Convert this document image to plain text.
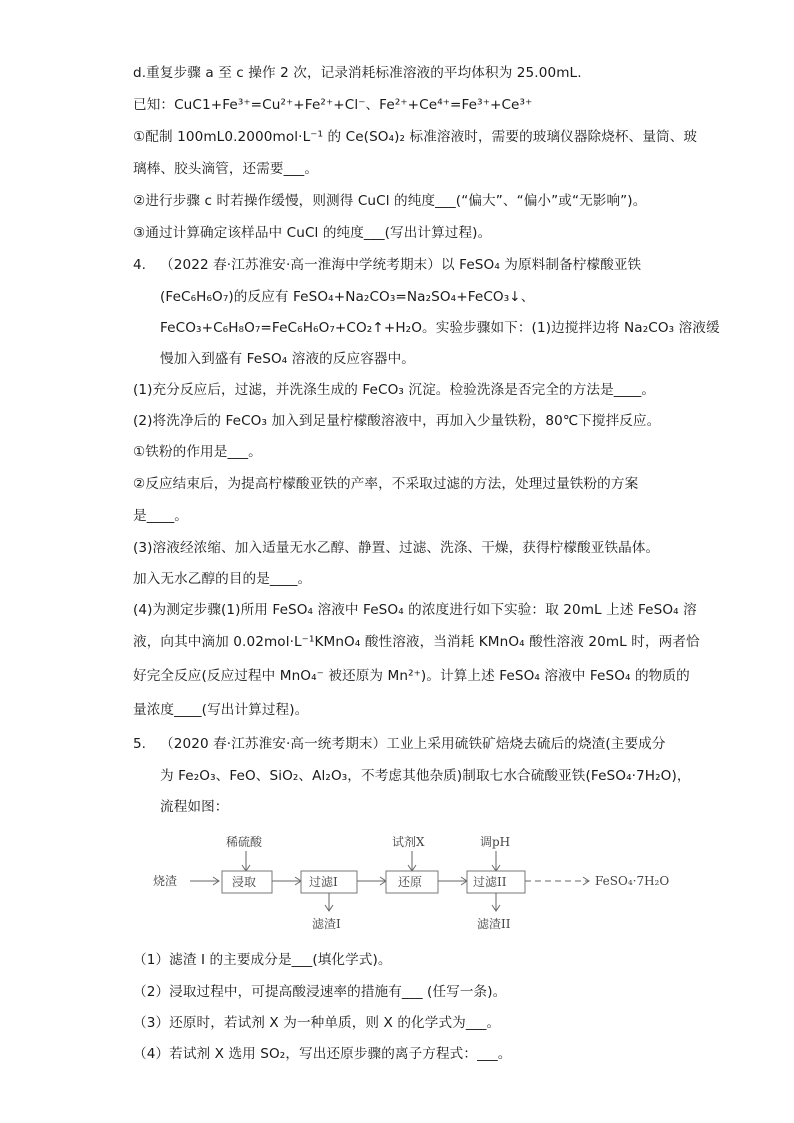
d.重复步骤 a 至 c 操作 2 次，记录消耗标准溶液的平均体积为 25.00mL.
已知：CuC1+Fe³⁺=Cu²⁺+Fe²⁺+Cl⁻、Fe²⁺+Ce⁴⁺=Fe³⁺+Ce³⁺
①配制 100mL0.2000mol·L⁻¹ 的 Ce(SO₄)₂ 标准溶液时，需要的玻璃仪器除烧杯、量筒、玻
璃棒、胶头滴管，还需要___。
②进行步骤 c 时若操作缓慢，则测得 CuCl 的纯度___(“偏大”、“偏小”或“无影响”)。
③通过计算确定该样品中 CuCl 的纯度___(写出计算过程)。
4. （2022 春·江苏淮安·高一淮海中学统考期末）以 FeSO₄ 为原料制备柠檬酸亚铁
(FeC₆H₆O₇)的反应有 FeSO₄+Na₂CO₃=Na₂SO₄+FeCO₃↓、
FeCO₃+C₆H₈O₇=FeC₆H₆O₇+CO₂↑+H₂O。实验步骤如下：(1)边搅拌边将 Na₂CO₃ 溶液缓
慢加入到盛有 FeSO₄ 溶液的反应容器中。
(1)充分反应后，过滤，并洗涤生成的 FeCO₃ 沉淀。检验洗涤是否完全的方法是____。
(2)将洗净后的 FeCO₃ 加入到足量柠檬酸溶液中，再加入少量铁粉，80℃下搅拌反应。
①铁粉的作用是___。
②反应结束后，为提高柠檬酸亚铁的产率，不采取过滤的方法，处理过量铁粉的方案
是____。
(3)溶液经浓缩、加入适量无水乙醇、静置、过滤、洗涤、干燥，获得柠檬酸亚铁晶体。
加入无水乙醇的目的是____。
(4)为测定步骤(1)所用 FeSO₄ 溶液中 FeSO₄ 的浓度进行如下实验：取 20mL 上述 FeSO₄ 溶
液，向其中滴加 0.02mol·L⁻¹KMnO₄ 酸性溶液，当消耗 KMnO₄ 酸性溶液 20mL 时，两者恰
好完全反应(反应过程中 MnO₄⁻ 被还原为 Mn²⁺)。计算上述 FeSO₄ 溶液中 FeSO₄ 的物质的
量浓度____(写出计算过程)。
5. （2020 春·江苏淮安·高一统考期末）工业上采用硫铁矿焙烧去硫后的烧渣(主要成分
为 Fe₂O₃、FeO、SiO₂、Al₂O₃，不考虑其他杂质)制取七水合硫酸亚铁(FeSO₄·7H₂O)，
流程如图：
烧渣
稀硫酸
浸取	过滤I
滤渣I
试剂X
还原
调pH
过滤II
滤渣II
FeSO₄·7H₂O
（1）滤渣 I 的主要成分是___(填化学式)。
（2）浸取过程中，可提高酸浸速率的措施有___ (任写一条)。
（3）还原时，若试剂 X 为一种单质，则 X 的化学式为___。
（4）若试剂 X 选用 SO₂，写出还原步骤的离子方程式：___。
